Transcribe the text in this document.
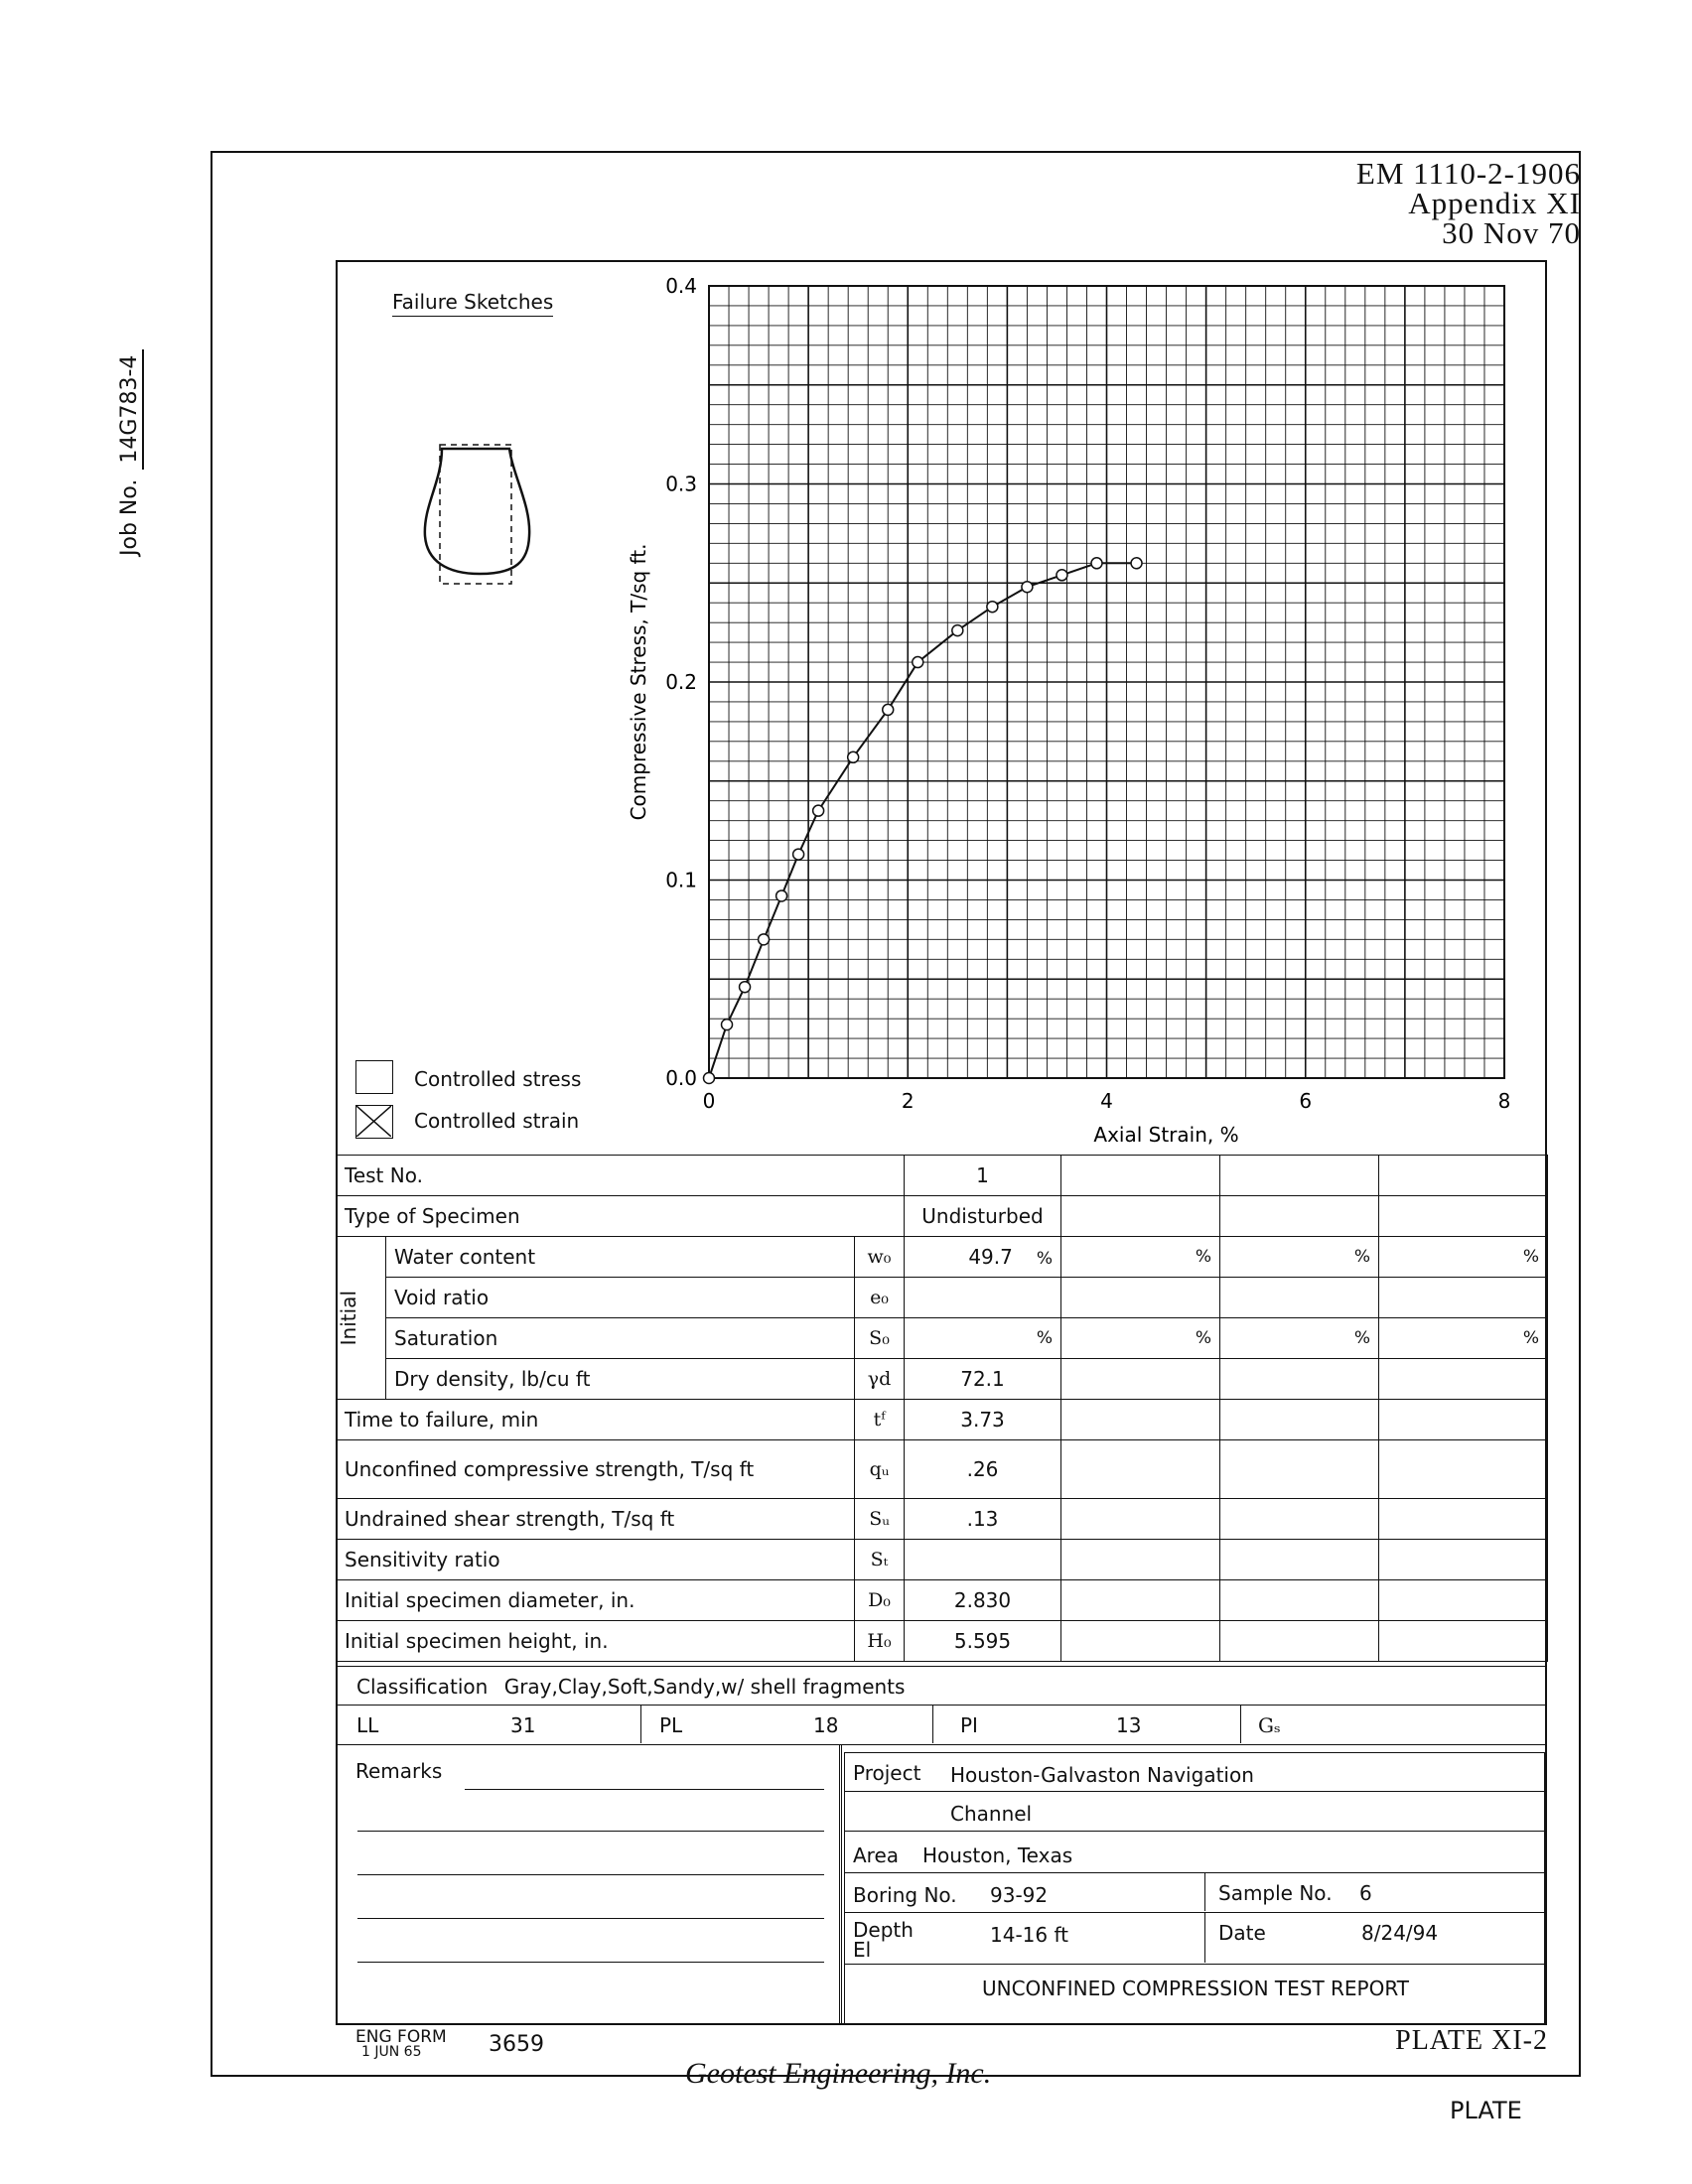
EM 1110-2-1906
Appendix XI
30 Nov 70
Job No.14G783-4
Failure Sketches
Controlled stress
Controlled strain
0	2	4	6	8
0.0
0.1
0.2
0.3
0.4
Compressive Stress, T/sq ft.
Axial Strain, %
Test No.			1			
Type of Specimen			Undisturbed			

Initial	Water content	w₀	49.7 %	%	%	%
	Void ratio	e₀				
	Saturation	S₀	%	%	%	%
	Dry density, lb/cu ft	γd	72.1			
Time to failure, min		tᶠ	3.73			
Unconfined compressive strength, T/sq ft		qᵤ	.26			
Undrained shear strength, T/sq ft		Sᵤ	.13			
Sensitivity ratio		Sₜ				
Initial specimen diameter, in.		D₀	2.830			
Initial specimen height, in.		H₀	5.595			
Classification Gray,Clay,Soft,Sandy,w/ shell fragments
LL	31	PL	18	PI	13	Gₛ
Remarks	Project Houston-Galvaston Navigation
Channel
Area Houston, Texas
Boring No. 93-92	Sample No. 6
Depth
El
14-16 ft	Date	8/24/94
UNCONFINED COMPRESSION TEST REPORT
ENG FORM
1 JUN 65	3659	PLATE XI-2
Geotest Engineering, Inc.
PLATE
